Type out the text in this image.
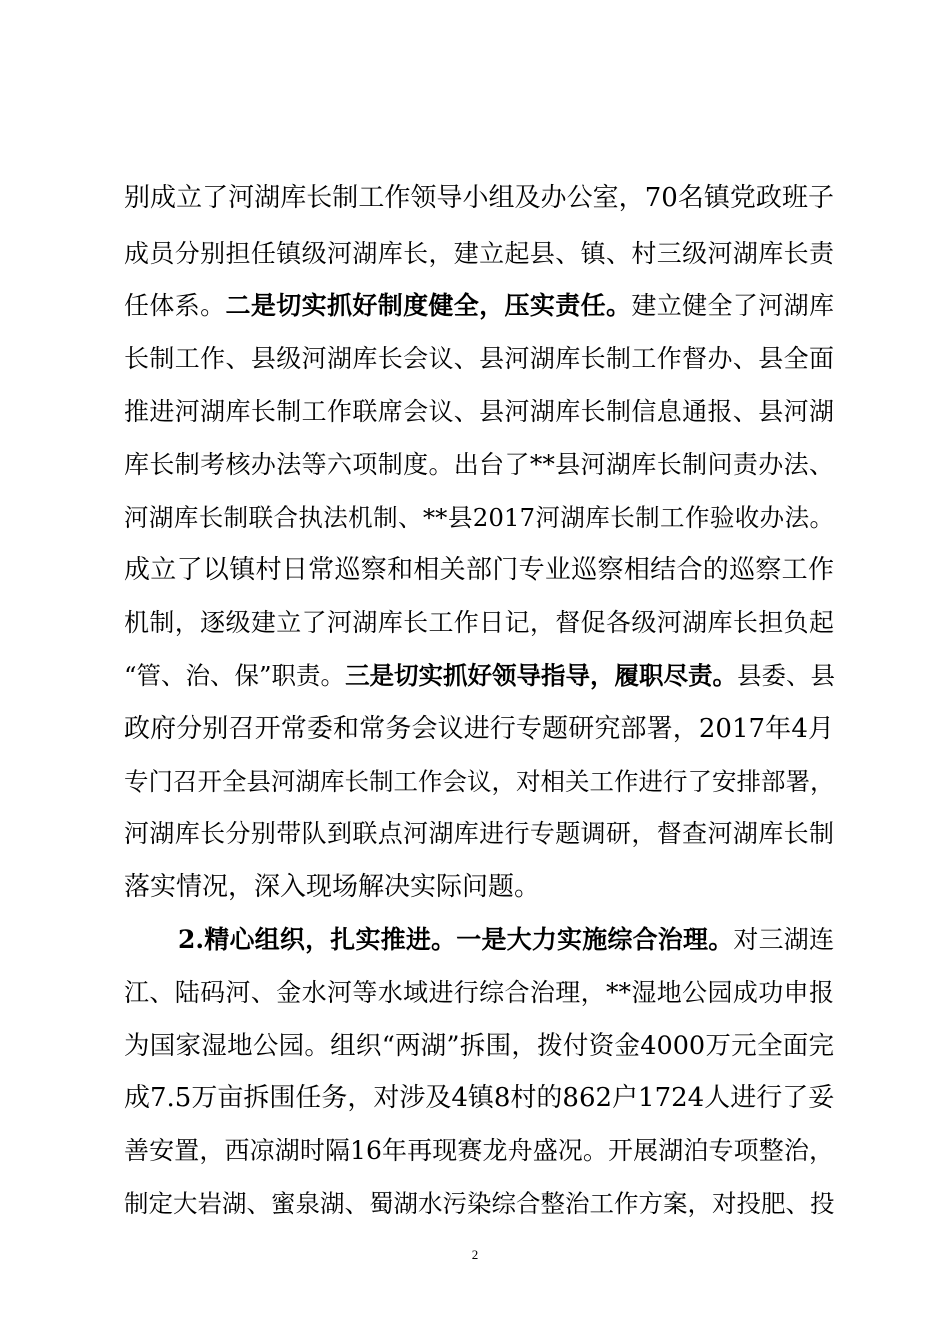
别成立了河湖库长制工作领导小组及办公室，70名镇党政班子
成员分别担任镇级河湖库长，建立起县、镇、村三级河湖库长责
任体系。二是切实抓好制度健全，压实责任。建立健全了河湖库
长制工作、县级河湖库长会议、县河湖库长制工作督办、县全面
推进河湖库长制工作联席会议、县河湖库长制信息通报、县河湖
库长制考核办法等六项制度。出台了**县河湖库长制问责办法、
河湖库长制联合执法机制、**县2017河湖库长制工作验收办法。
成立了以镇村日常巡察和相关部门专业巡察相结合的巡察工作
机制，逐级建立了河湖库长工作日记，督促各级河湖库长担负起
“管、治、保”职责。三是切实抓好领导指导，履职尽责。县委、县
政府分别召开常委和常务会议进行专题研究部署，2017年4月
专门召开全县河湖库长制工作会议，对相关工作进行了安排部署，
河湖库长分别带队到联点河湖库进行专题调研，督查河湖库长制
落实情况，深入现场解决实际问题。
2.精心组织，扎实推进。一是大力实施综合治理。对三湖连
江、陆码河、金水河等水域进行综合治理，**湿地公园成功申报
为国家湿地公园。组织“两湖”拆围，拨付资金4000万元全面完
成7.5万亩拆围任务，对涉及4镇8村的862户1724人进行了妥
善安置，西凉湖时隔16年再现赛龙舟盛况。开展湖泊专项整治，
制定大岩湖、蜜泉湖、蜀湖水污染综合整治工作方案，对投肥、投
2
